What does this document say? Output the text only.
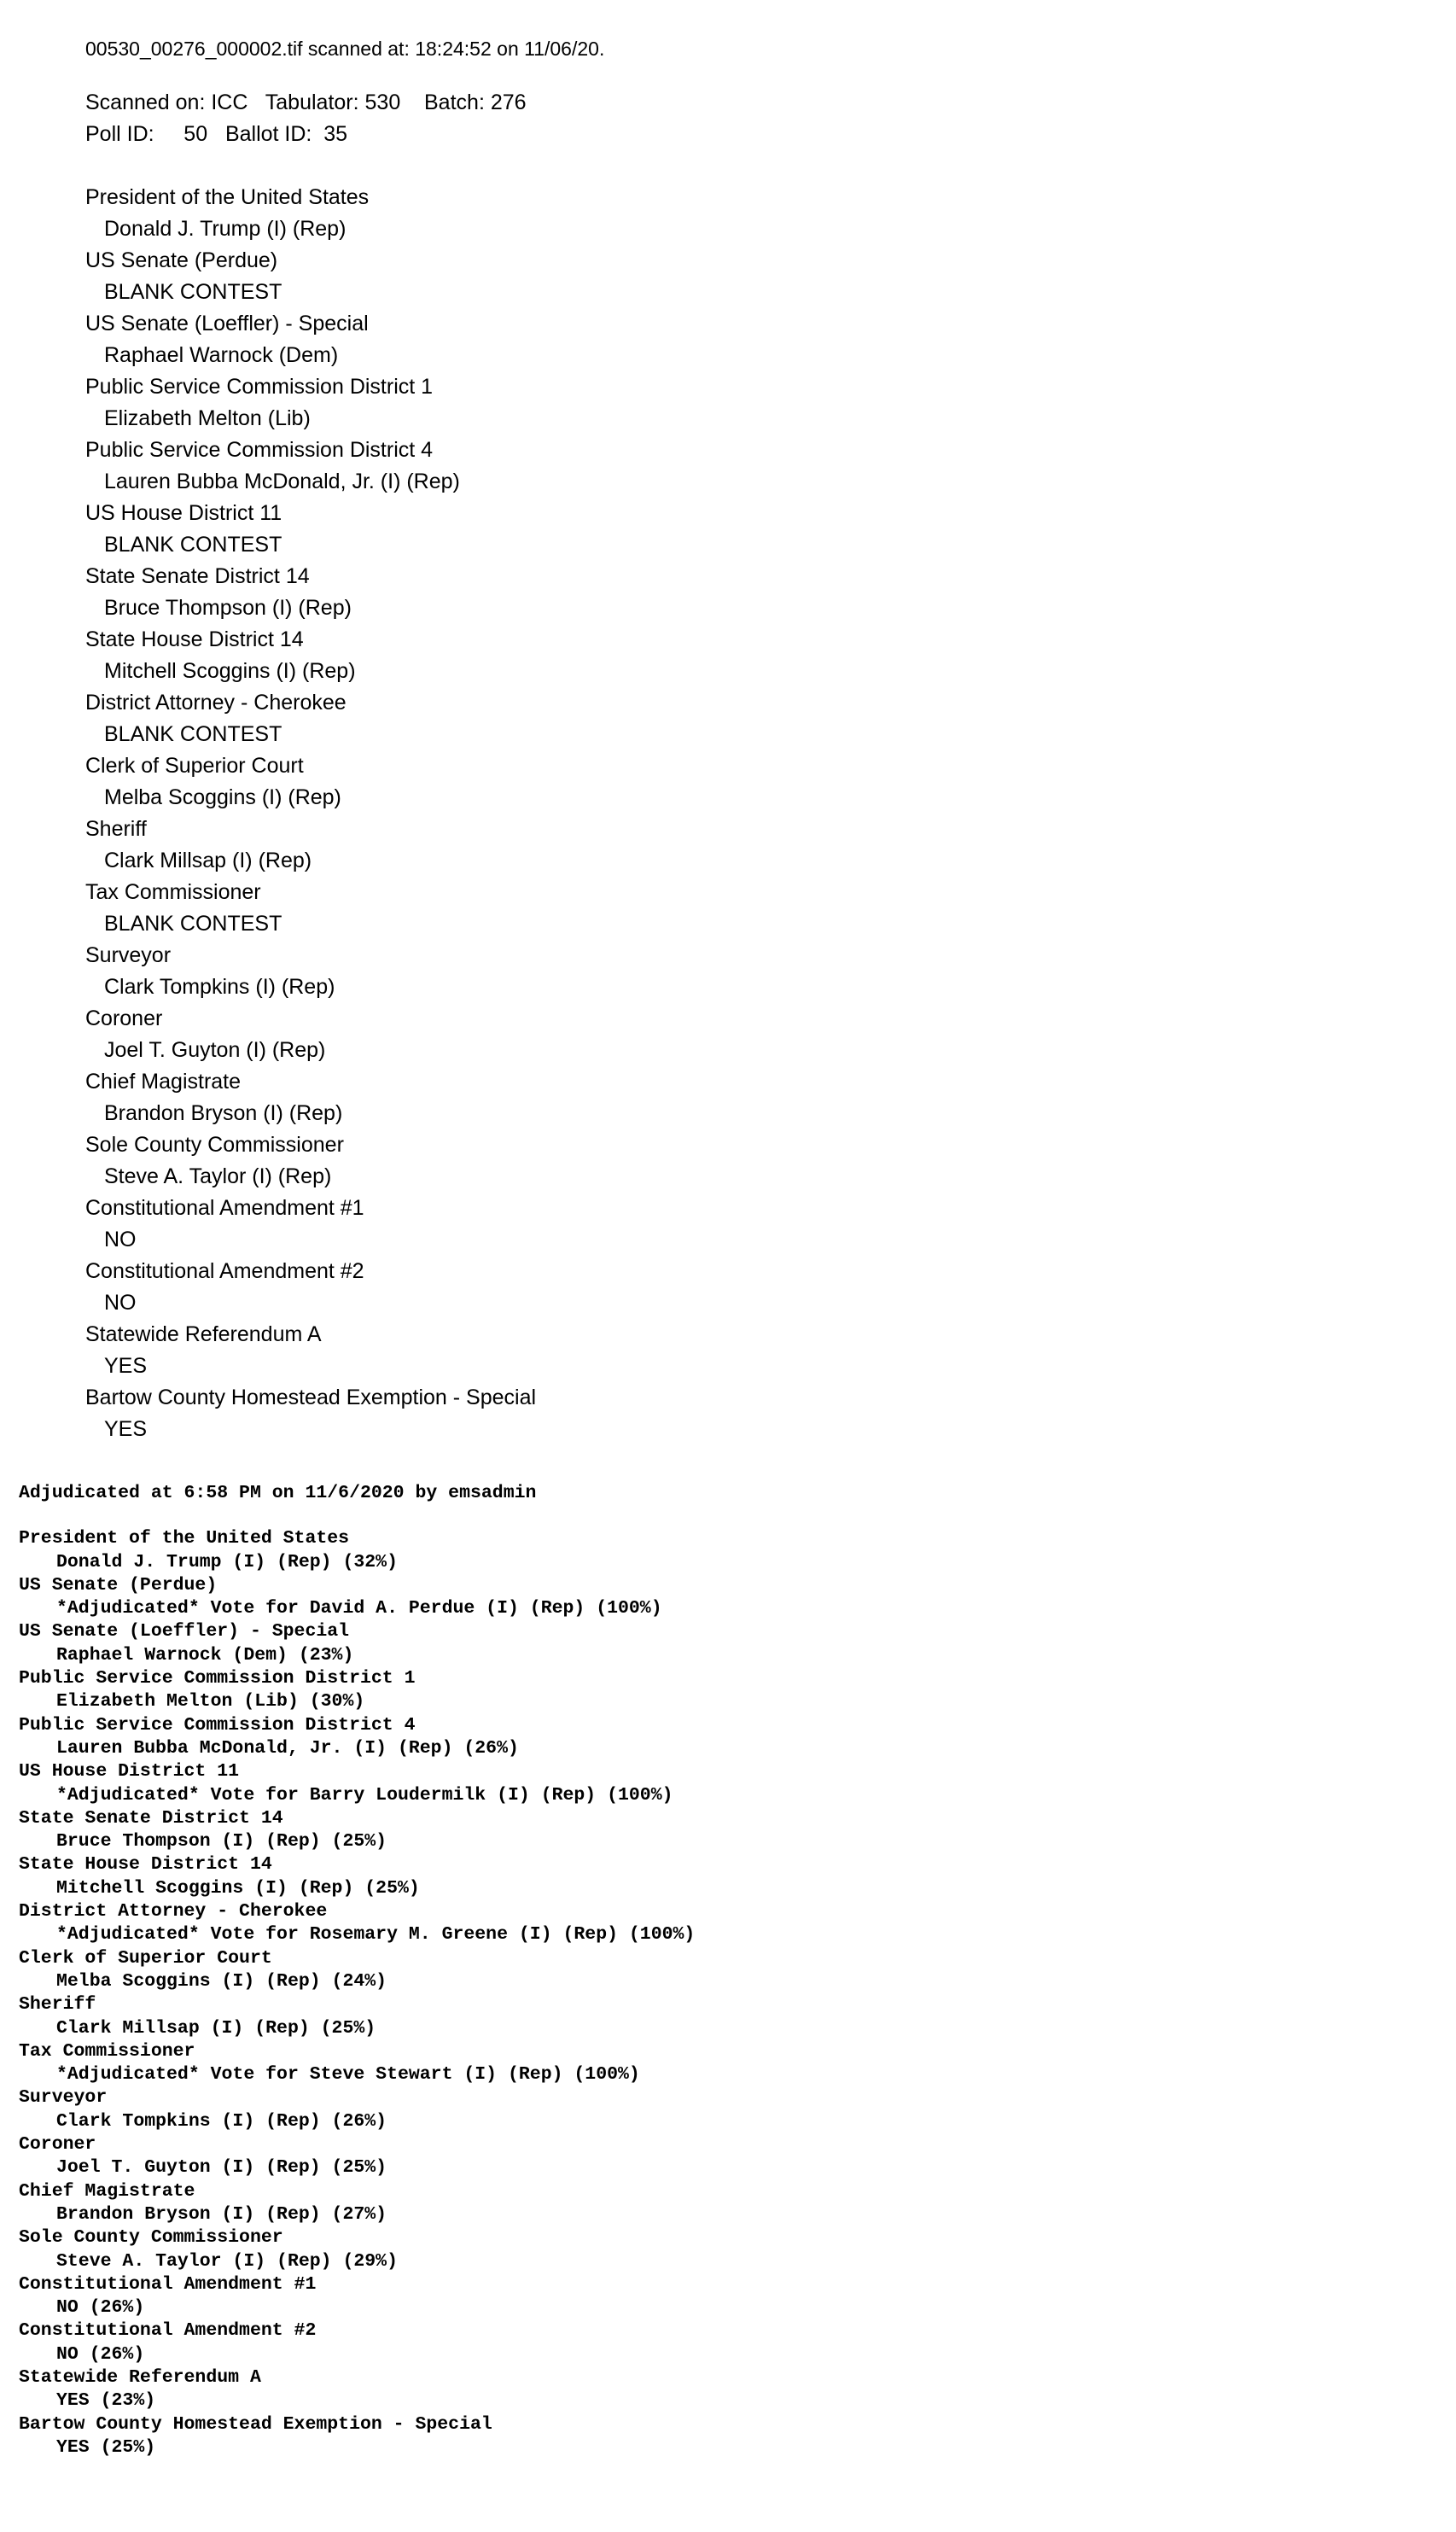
00530_00276_000002.tif scanned at: 18:24:52 on 11/06/20.
Scanned on: ICC   Tabulator: 530    Batch: 276
Poll ID:     50   Ballot ID:  35
President of the United States
Donald J. Trump (I) (Rep)
US Senate (Perdue)
BLANK CONTEST
US Senate (Loeffler) - Special
Raphael Warnock (Dem)
Public Service Commission District 1
Elizabeth Melton (Lib)
Public Service Commission District 4
Lauren Bubba McDonald, Jr. (I) (Rep)
US House District 11
BLANK CONTEST
State Senate District 14
Bruce Thompson (I) (Rep)
State House District 14
Mitchell Scoggins (I) (Rep)
District Attorney - Cherokee
BLANK CONTEST
Clerk of Superior Court
Melba Scoggins (I) (Rep)
Sheriff
Clark Millsap (I) (Rep)
Tax Commissioner
BLANK CONTEST
Surveyor
Clark Tompkins (I) (Rep)
Coroner
Joel T. Guyton (I) (Rep)
Chief Magistrate
Brandon Bryson (I) (Rep)
Sole County Commissioner
Steve A. Taylor (I) (Rep)
Constitutional Amendment #1
NO
Constitutional Amendment #2
NO
Statewide Referendum A
YES
Bartow County Homestead Exemption - Special
YES
Adjudicated at 6:58 PM on 11/6/2020 by emsadmin
President of the United States
Donald J. Trump (I) (Rep) (32%)
US Senate (Perdue)
*Adjudicated* Vote for David A. Perdue (I) (Rep) (100%)
US Senate (Loeffler) - Special
Raphael Warnock (Dem) (23%)
Public Service Commission District 1
Elizabeth Melton (Lib) (30%)
Public Service Commission District 4
Lauren Bubba McDonald, Jr. (I) (Rep) (26%)
US House District 11
*Adjudicated* Vote for Barry Loudermilk (I) (Rep) (100%)
State Senate District 14
Bruce Thompson (I) (Rep) (25%)
State House District 14
Mitchell Scoggins (I) (Rep) (25%)
District Attorney - Cherokee
*Adjudicated* Vote for Rosemary M. Greene (I) (Rep) (100%)
Clerk of Superior Court
Melba Scoggins (I) (Rep) (24%)
Sheriff
Clark Millsap (I) (Rep) (25%)
Tax Commissioner
*Adjudicated* Vote for Steve Stewart (I) (Rep) (100%)
Surveyor
Clark Tompkins (I) (Rep) (26%)
Coroner
Joel T. Guyton (I) (Rep) (25%)
Chief Magistrate
Brandon Bryson (I) (Rep) (27%)
Sole County Commissioner
Steve A. Taylor (I) (Rep) (29%)
Constitutional Amendment #1
NO (26%)
Constitutional Amendment #2
NO (26%)
Statewide Referendum A
YES (23%)
Bartow County Homestead Exemption - Special
YES (25%)
